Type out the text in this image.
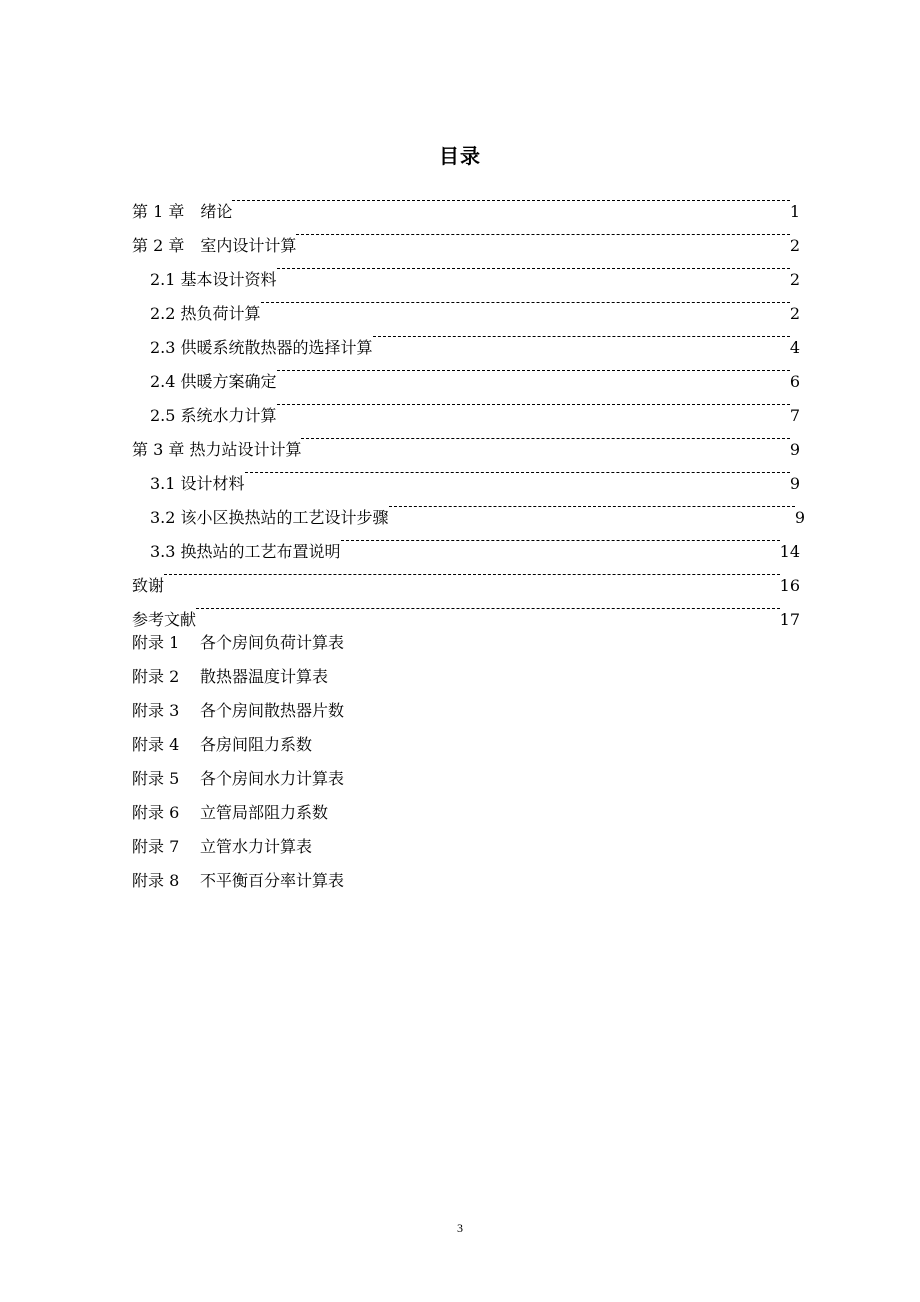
目录
第 1 章　绪论	1
第 2 章　室内设计计算	2
2.1 基本设计资料	2
2.2 热负荷计算	2
2.3 供暖系统散热器的选择计算	4
2.4 供暖方案确定	6
2.5 系统水力计算	7
第 3 章 热力站设计计算	9
3.1 设计材料	9
3.2 该小区换热站的工艺设计步骤	9
3.3 换热站的工艺布置说明	14
致谢	16
参考文献	17
附录 1 各个房间负荷计算表
附录 2 散热器温度计算表
附录 3 各个房间散热器片数
附录 4 各房间阻力系数
附录 5 各个房间水力计算表
附录 6 立管局部阻力系数
附录 7 立管水力计算表
附录 8 不平衡百分率计算表
3
